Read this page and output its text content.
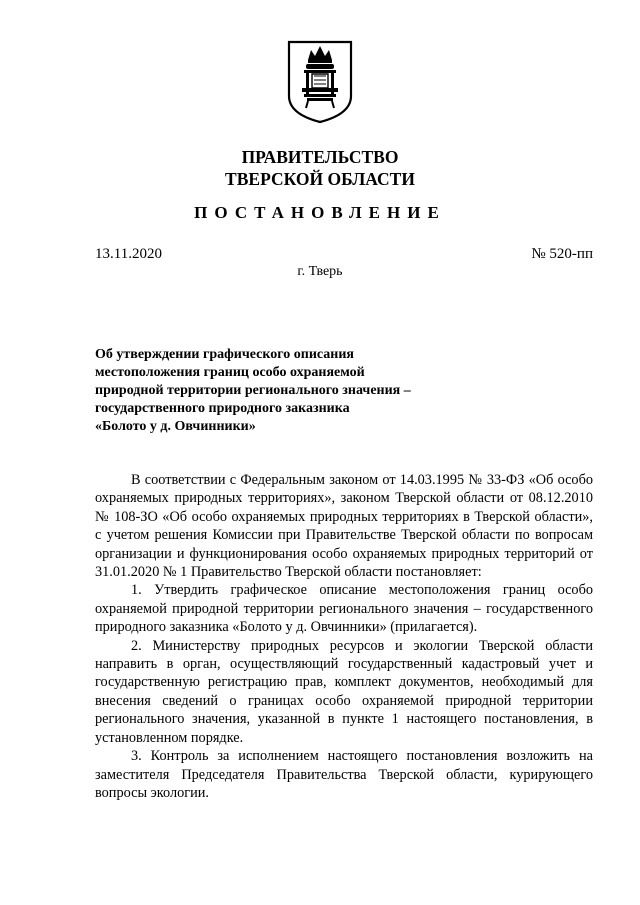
ПРАВИТЕЛЬСТВО
ТВЕРСКОЙ ОБЛАСТИ
ПОСТАНОВЛЕНИЕ
13.11.2020	№ 520-пп
г. Тверь
Об утверждении графического описания
местоположения границ особо охраняемой
природной территории регионального значения –
государственного природного заказника
«Болото у д. Овчинники»

В соответствии с Федеральным законом от 14.03.1995 № 33-ФЗ «Об особо охраняемых природных территориях», законом Тверской области от 08.12.2010 № 108-ЗО «Об особо охраняемых природных территориях в Тверской области», с учетом решения Комиссии при Правительстве Тверской области по вопросам организации и функционирования особо охраняемых природных территорий от 31.01.2020 № 1 Правительство Тверской области постановляет:

1. Утвердить графическое описание местоположения границ особо охраняемой природной территории регионального значения – государственного природного заказника «Болото у д. Овчинники» (прилагается).

2. Министерству природных ресурсов и экологии Тверской области направить в орган, осуществляющий государственный кадастровый учет и государственную регистрацию прав, комплект документов, необходимый для внесения сведений о границах особо охраняемой природной территории регионального значения, указанной в пункте 1 настоящего постановления, в установленном порядке.

3. Контроль за исполнением настоящего постановления возложить на заместителя Председателя Правительства Тверской области, курирующего вопросы экологии.
